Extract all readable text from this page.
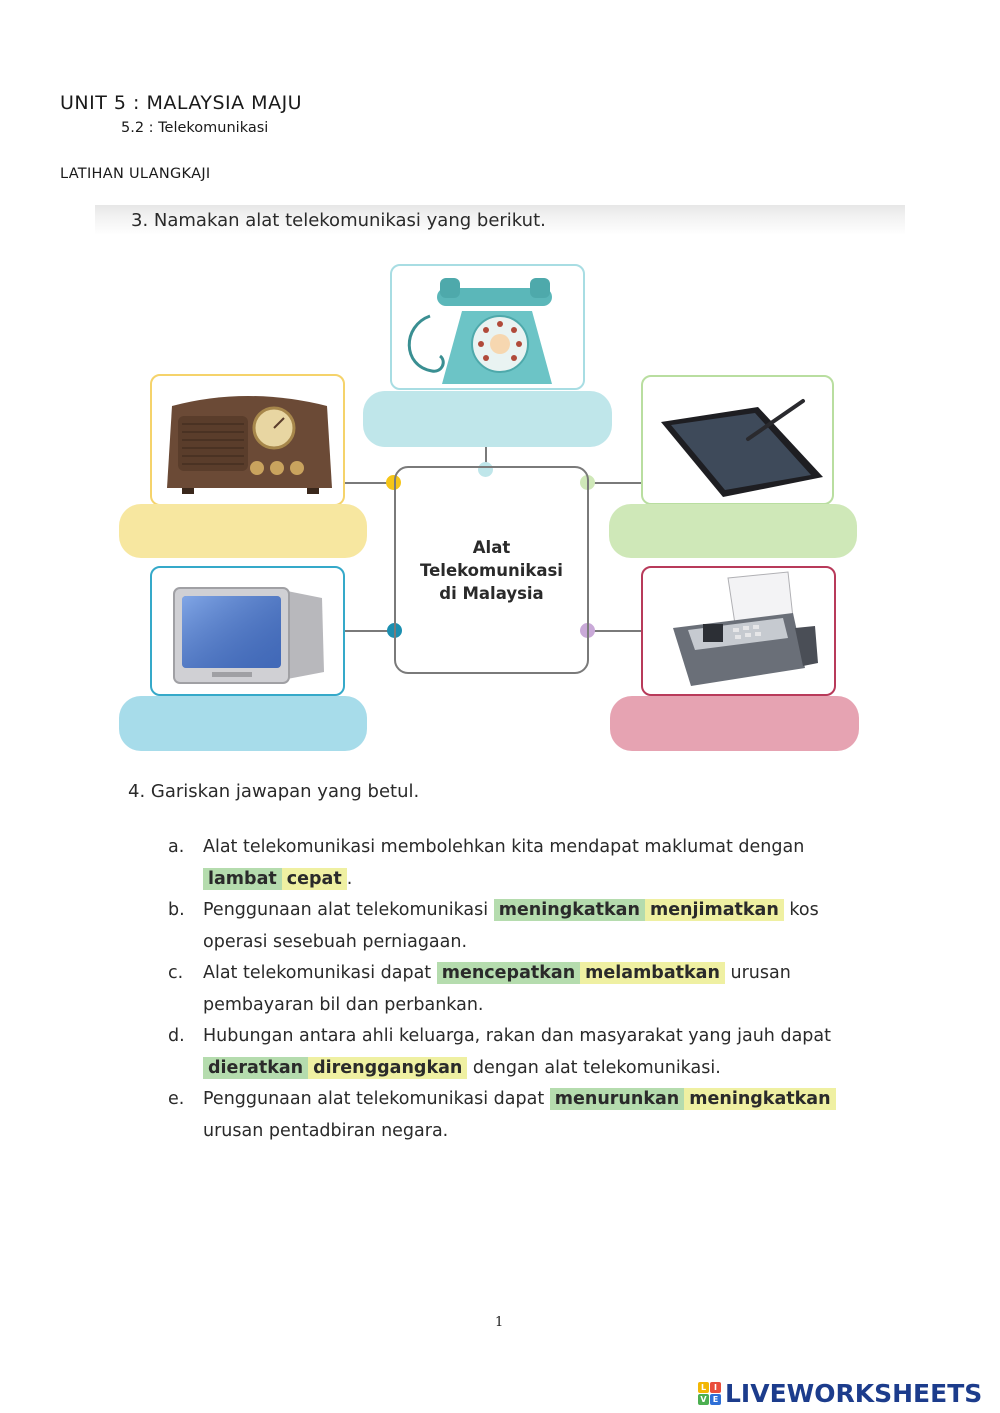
UNIT 5 : MALAYSIA MAJU
5.2 : Telekomunikasi
LATIHAN ULANGKAJI
3. Namakan alat telekomunikasi yang berikut.
Alat
Telekomunikasi
di Malaysia
4. Gariskan jawapan yang betul.
a. Alat telekomunikasi membolehkan kita mendapat maklumat dengan lambat cepat .
b. Penggunaan alat telekomunikasi meningkatkan menjimatkan kos operasi sesebuah perniagaan.
c. Alat telekomunikasi dapat mencepatkan melambatkan urusan pembayaran bil dan perbankan.
d. Hubungan antara ahli keluarga, rakan dan masyarakat yang jauh dapat dieratkan direnggangkan dengan alat telekomunikasi.
e. Penggunaan alat telekomunikasi dapat menurunkan meningkatkan urusan pentadbiran negara.
1
L I
V E LIVEWORKSHEETS
